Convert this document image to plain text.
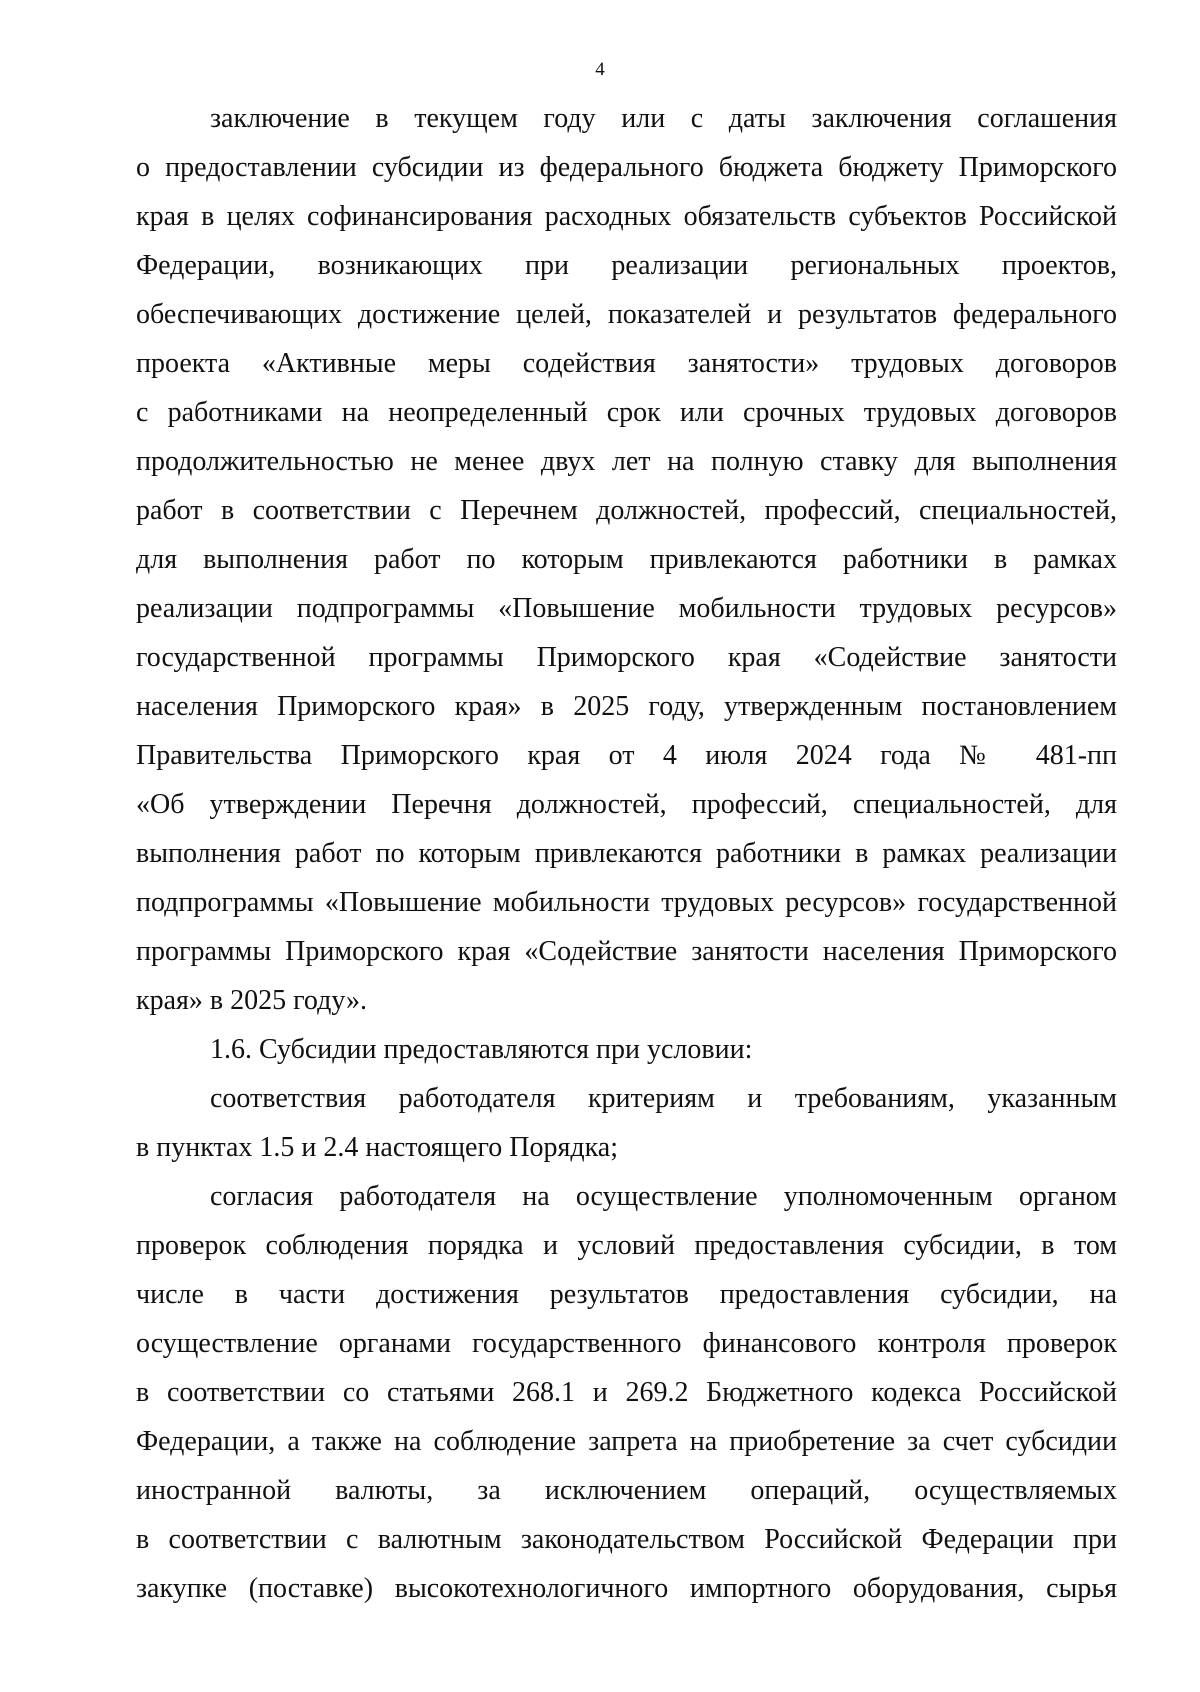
4
заключение в текущем году или с даты заключения соглашения
о предоставлении субсидии из федерального бюджета бюджету Приморского
края в целях софинансирования расходных обязательств субъектов Российской
Федерации, возникающих при реализации региональных проектов,
обеспечивающих достижение целей, показателей и результатов федерального
проекта «Активные меры содействия занятости» трудовых договоров
с работниками на неопределенный срок или срочных трудовых договоров
продолжительностью не менее двух лет на полную ставку для выполнения
работ в соответствии с Перечнем должностей, профессий, специальностей,
для выполнения работ по которым привлекаются работники в рамках
реализации подпрограммы «Повышение мобильности трудовых ресурсов»
государственной программы Приморского края «Содействие занятости
населения Приморского края» в 2025 году, утвержденным постановлением
Правительства Приморского края от 4 июля 2024 года № 481-пп
«Об утверждении Перечня должностей, профессий, специальностей, для
выполнения работ по которым привлекаются работники в рамках реализации
подпрограммы «Повышение мобильности трудовых ресурсов» государственной
программы Приморского края «Содействие занятости населения Приморского
края» в 2025 году».
1.6. Субсидии предоставляются при условии:
соответствия работодателя критериям и требованиям, указанным
в пунктах 1.5 и 2.4 настоящего Порядка;
согласия работодателя на осуществление уполномоченным органом
проверок соблюдения порядка и условий предоставления субсидии, в том
числе в части достижения результатов предоставления субсидии, на
осуществление органами государственного финансового контроля проверок
в соответствии со статьями 268.1 и 269.2 Бюджетного кодекса Российской
Федерации, а также на соблюдение запрета на приобретение за счет субсидии
иностранной валюты, за исключением операций, осуществляемых
в соответствии с валютным законодательством Российской Федерации при
закупке (поставке) высокотехнологичного импортного оборудования, сырья
